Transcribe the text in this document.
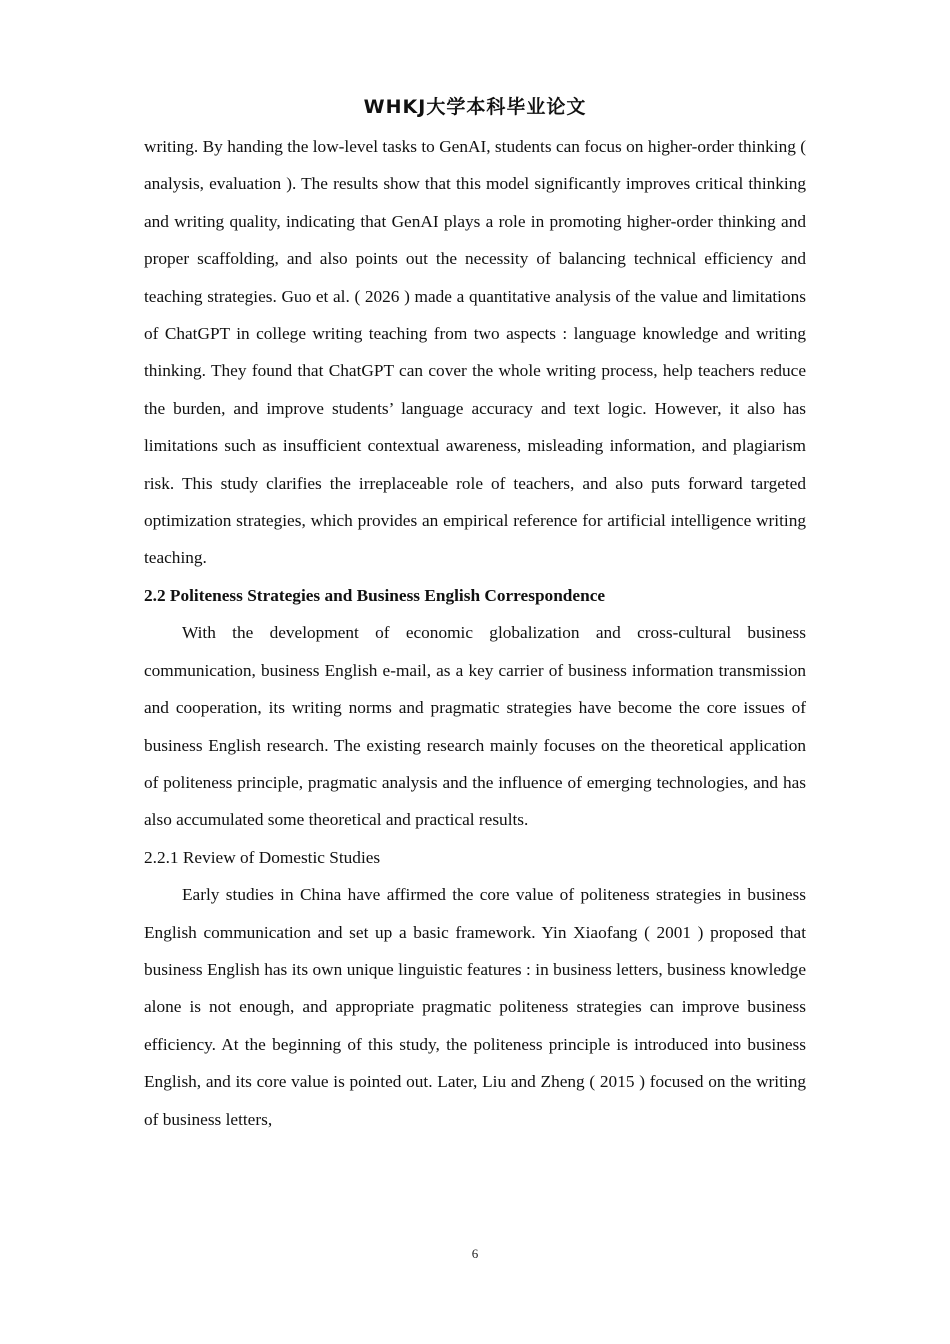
WHKJ大学本科毕业论文

writing. By handing the low-level tasks to GenAI, students can focus on higher-order thinking ( analysis, evaluation ). The results show that this model significantly improves critical thinking and writing quality, indicating that GenAI plays a role in promoting higher-order thinking and proper scaffolding, and also points out the necessity of balancing technical efficiency and teaching strategies. Guo et al. ( 2026 ) made a quantitative analysis of the value and limitations of ChatGPT in college writing teaching from two aspects : language knowledge and writing thinking. They found that ChatGPT can cover the whole writing process, help teachers reduce the burden, and improve students’ language accuracy and text logic. However, it also has limitations such as insufficient contextual awareness, misleading information, and plagiarism risk. This study clarifies the irreplaceable role of teachers, and also puts forward targeted optimization strategies, which provides an empirical reference for artificial intelligence writing teaching.

2.2 Politeness Strategies and Business English Correspondence

With the development of economic globalization and cross-cultural business communication, business English e-mail, as a key carrier of business information transmission and cooperation, its writing norms and pragmatic strategies have become the core issues of business English research. The existing research mainly focuses on the theoretical application of politeness principle, pragmatic analysis and the influence of emerging technologies, and has also accumulated some theoretical and practical results.

2.2.1 Review of Domestic Studies

Early studies in China have affirmed the core value of politeness strategies in business English communication and set up a basic framework. Yin Xiaofang ( 2001 ) proposed that business English has its own unique linguistic features : in business letters, business knowledge alone is not enough, and appropriate pragmatic politeness strategies can improve business efficiency. At the beginning of this study, the politeness principle is introduced into business English, and its core value is pointed out. Later, Liu and Zheng ( 2015 ) focused on the writing of business letters,

6
